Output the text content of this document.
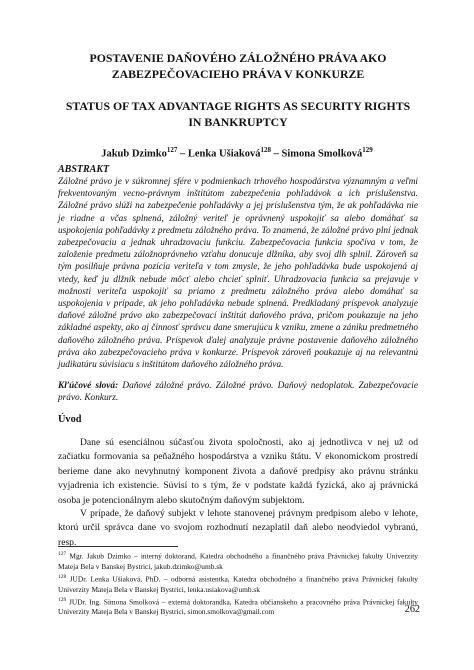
POSTAVENIE DAŇOVÉHO ZÁLOŽNÉHO PRÁVA AKO ZABEZPEČOVACIEHO PRÁVA V KONKURZE
STATUS OF TAX ADVANTAGE RIGHTS AS SECURITY RIGHTS IN BANKRUPTCY

Jakub Dzimko$^{127}$ – Lenka Ušiaková$^{128}$ – Simona Smolková$^{129}$

ABSTRAKT

Záložné právo je v súkromnej sfére v podmienkach trhového hospodárstva významným a veľmi frekventovaným vecno-právnym inštitútom zabezpečenia pohľadávok a ich príslušenstva. Záložné právo slúži na zabezpečenie pohľadávky a jej príslušenstva tým, že ak pohľadávka nie je riadne a včas splnená, záložný veriteľ je oprávnený uspokojiť sa alebo domáhať sa uspokojenia pohľadávky z predmetu záložného práva. To znamená, že záložné právo plní jednak zabezpečovaciu a jednak uhradzovaciu funkciu. Zabezpečovacia funkcia spočíva v tom, že založenie predmetu záložnoprávneho vzťahu donucuje dlžníka, aby svoj dlh splnil. Zároveň sa tým posilňuje právna pozícia veriteľa v tom zmysle, že jeho pohľadávka bude uspokojená aj vtedy, keď ju dlžník nebude môcť alebo chcieť splniť. Uhradzovacia funkcia sa prejavuje v možnosti veriteľa uspokojiť sa priamo z predmetu záložného práva alebo domáhať sa uspokojenia v prípade, ak jeho pohľadávka nebude splnená. Predkladaný príspevok analyzuje daňové záložné právo ako zabezpečovací inštitút daňového práva, pričom poukazuje na jeho základné aspekty, ako aj činnosť správcu dane smerujúcu k vzniku, zmene a zániku predmetného daňového záložného práva. Príspevok ďalej analyzuje právne postavenie daňového záložného práva ako zabezpečovacieho práva v konkurze. Príspevok zároveň poukazuje aj na relevantnú judikatúru súvisiacu s inštitútom daňového záložného práva.

Kľúčové slová: Daňové záložné právo. Záložné právo. Daňový nedoplatok. Zabezpečovacie právo. Konkurz.

Úvod

Dane sú esenciálnou súčasťou života spoločnosti, ako aj jednotlivca v nej už od začiatku formovania sa peňažného hospodárstva a vzniku štátu. V ekonomickom prostredí berieme dane ako nevyhnutný komponent života a daňové predpisy ako právnu stránku vyjadrenia ich existencie. Súvisí to s tým, že v podstate každá fyzická, ako aj právnická osoba je potencionálnym alebo skutočným daňovým subjektom.

V prípade, že daňový subjekt v lehote stanovenej právnym predpisom alebo v lehote, ktorú určil správca dane vo svojom rozhodnutí nezaplatil daň alebo neodviedol vybranú, resp.

$^{127}$ Mgr. Jakub Dzimko – interný doktorand, Katedra obchodného a finančného práva Právnickej fakulty Univerzity Mateja Bela v Banskej Bystrici, jakub.dzimko@umb.sk

$^{128}$ JUDr. Lenka Ušiaková, PhD. – odborná asistentka, Katedra obchodného a finančného práva Právnickej fakulty Univerzity Mateja Bela v Banskej Bystrici, lenka.usiakova@umb.sk

$^{129}$ JUDr. Ing. Simona Smolková – externá doktorandka, Katedra občianskeho a pracovného práva Právnickej fakulty Univerzity Mateja Bela v Banskej Bystrici, simon.smolkova@gmail.com	262
